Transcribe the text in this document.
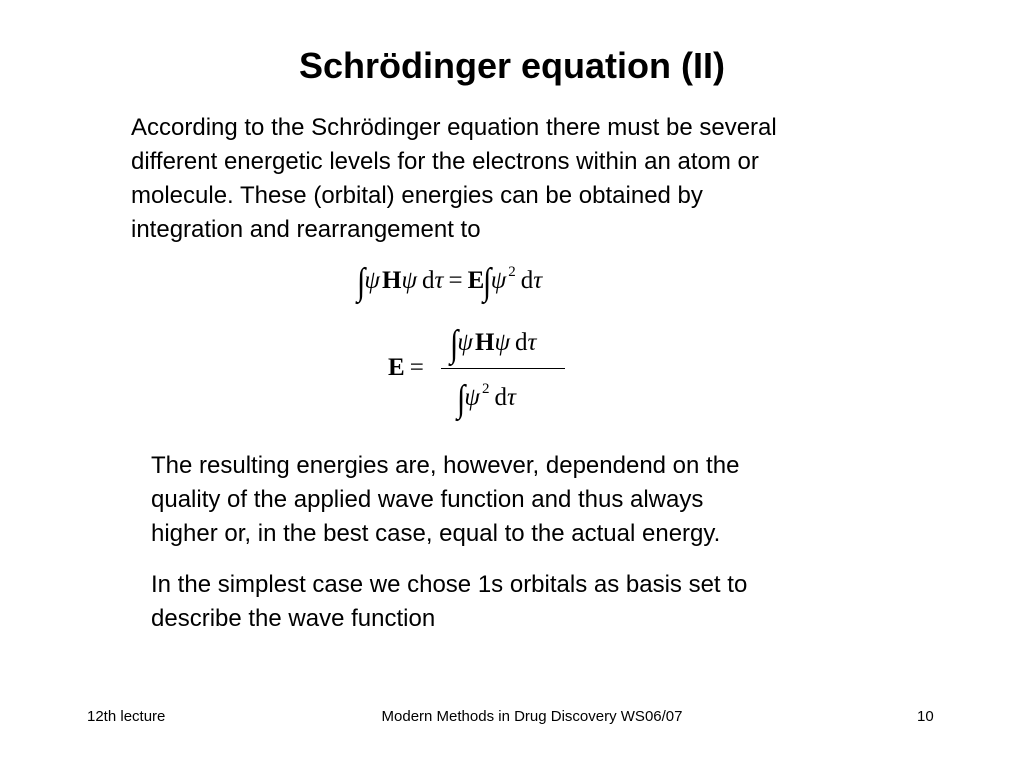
Schrödinger equation (II)
According to the Schrödinger equation there must be several
different energetic levels for the electrons within an atom or
molecule. These (orbital) energies can be obtained by
integration and rearrangement to
∫ψ Hψ  dτ  =  E∫ψ $^2$  dτ
E  =
∫ψ Hψ  dτ
∫ψ $^2$  dτ
The resulting energies are, however, dependend on the
quality of the applied wave function and thus always
higher or, in the best case, equal to the actual energy.
In the simplest case we chose 1s orbitals as basis set to
describe the wave function
12th lecture	Modern Methods in Drug Discovery WS06/07	10
